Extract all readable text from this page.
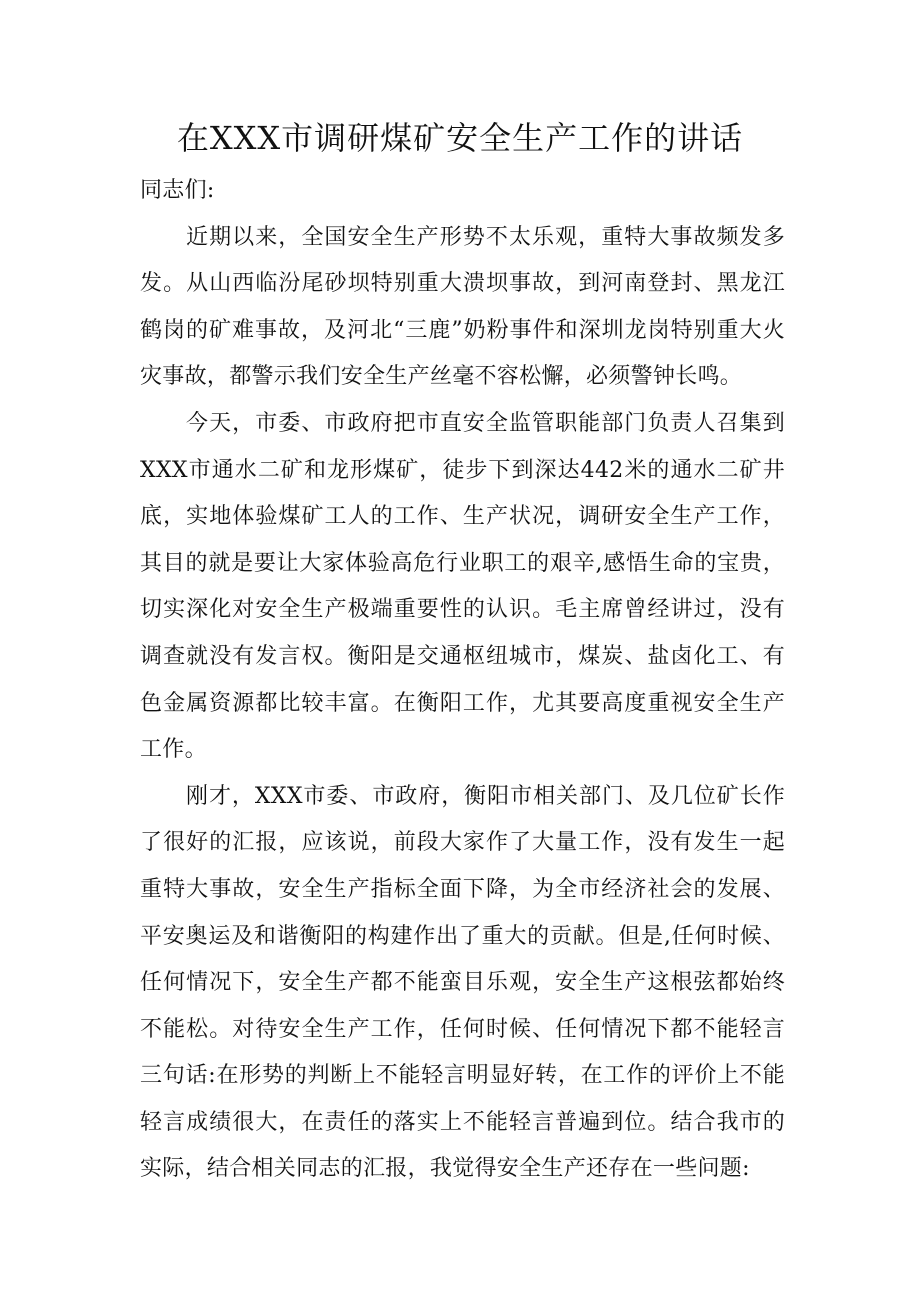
在XXX市调研煤矿安全生产工作的讲话

同志们:

近期以来，全国安全生产形势不太乐观，重特大事故频发多发。从山西临汾尾砂坝特别重大溃坝事故，到河南登封、黑龙江鹤岗的矿难事故，及河北“三鹿”奶粉事件和深圳龙岗特别重大火灾事故，都警示我们安全生产丝毫不容松懈，必须警钟长鸣。

今天，市委、市政府把市直安全监管职能部门负责人召集到XXX市通水二矿和龙形煤矿，徒步下到深达442米的通水二矿井底，实地体验煤矿工人的工作、生产状况，调研安全生产工作，其目的就是要让大家体验高危行业职工的艰辛,感悟生命的宝贵，切实深化对安全生产极端重要性的认识。毛主席曾经讲过，没有调查就没有发言权。衡阳是交通枢纽城市，煤炭、盐卤化工、有色金属资源都比较丰富。在衡阳工作，尤其要高度重视安全生产工作。

刚才，XXX市委、市政府，衡阳市相关部门、及几位矿长作了很好的汇报，应该说，前段大家作了大量工作，没有发生一起重特大事故，安全生产指标全面下降，为全市经济社会的发展、平安奥运及和谐衡阳的构建作出了重大的贡献。但是,任何时候、任何情况下，安全生产都不能蛮目乐观，安全生产这根弦都始终不能松。对待安全生产工作，任何时候、任何情况下都不能轻言三句话:在形势的判断上不能轻言明显好转，在工作的评价上不能轻言成绩很大，在责任的落实上不能轻言普遍到位。结合我市的实际，结合相关同志的汇报，我觉得安全生产还存在一些问题:
